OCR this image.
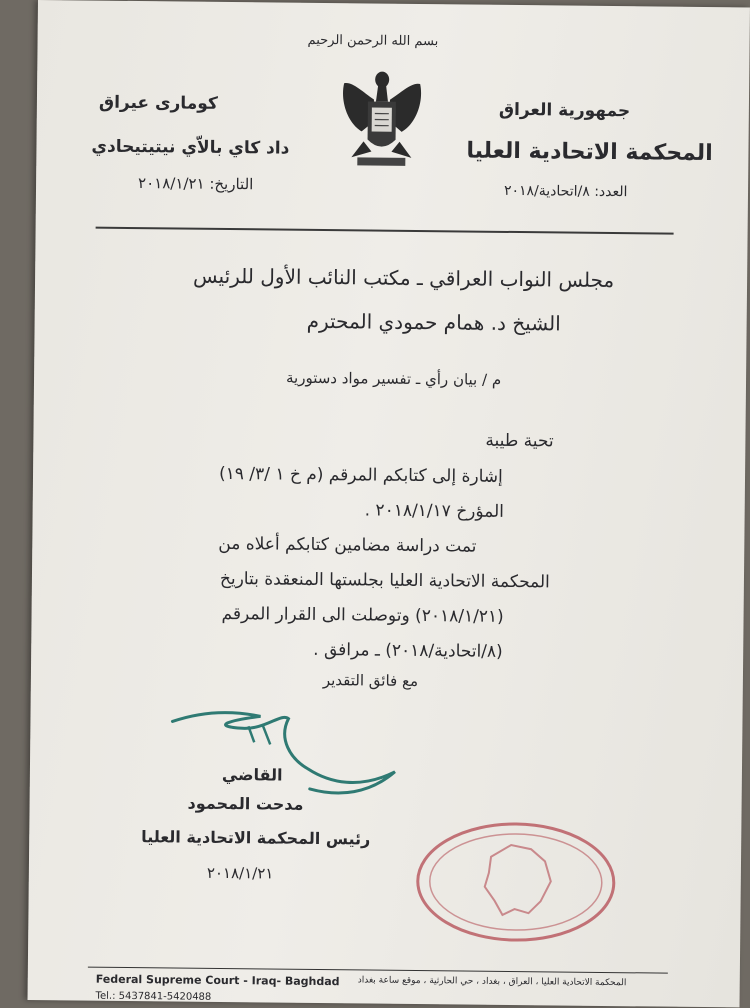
بسم الله الرحمن الرحيم
كو‌ماری عیراق
داد كاي بالاّي نيتيتيحادي
التاريخ: ٢٠١٨/١/٢١
جمهورية العراق
المحكمة الاتحادية العليا
العدد: ٨/اتحادية/٢٠١٨
مجلس النواب العراقي ـ مكتب النائب الأول للرئيس
الشيخ د. همام حمودي المحترم
م / بيان رأي ـ تفسير مواد دستورية
تحية طيبة
إشارة إلى كتابكم المرقم (م خ ١ /٣/ ١٩)
المؤرخ ٢٠١٨/١/١٧ .
تمت دراسة مضامين كتابكم أعلاه من
المحكمة الاتحادية العليا بجلستها المنعقدة بتاريخ
(٢٠١٨/١/٢١) وتوصلت الى القرار المرقم
(٨/اتحادية/٢٠١٨) ـ مرافق .
مع فائق التقدير
القاضي
مدحت المحمود
رئيس المحكمة الاتحادية العليا
٢٠١٨/١/٢١
Federal Supreme Court - Iraq- Baghdad
Tel.: 5437841-5420488
المحكمة الاتحادية العليا ، العراق ، بغداد ، حي الحارثية ، موقع ساعة بغداد
